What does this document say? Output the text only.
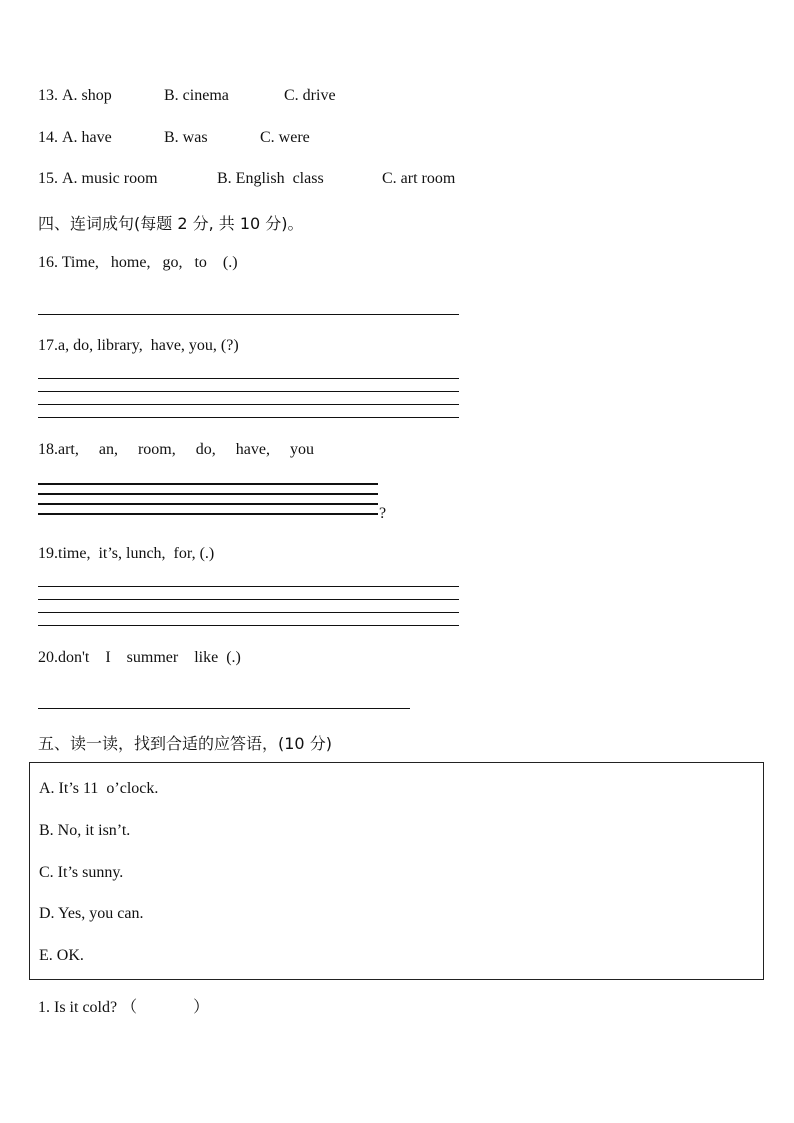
13. A. shop	B. cinema	C. drive
14. A. have	B. was	C. were
15. A. music room	B. English  class	C. art room
四、连词成句(每题 2 分, 共 10 分)。
16. Time,   home,   go,   to    (.)
17.a, do, library,  have, you, (?)
18.art,     an,     room,     do,     have,     you
?
19.time,  it’s, lunch,  for, (.)
20.don't    I    summer    like  (.)
五、读一读，找到合适的应答语，(10 分)
A. It’s 11  o’clock.
B. No, it isn’t.
C. It’s sunny.
D. Yes, you can.
E. OK.
1. Is it cold? （              ）
